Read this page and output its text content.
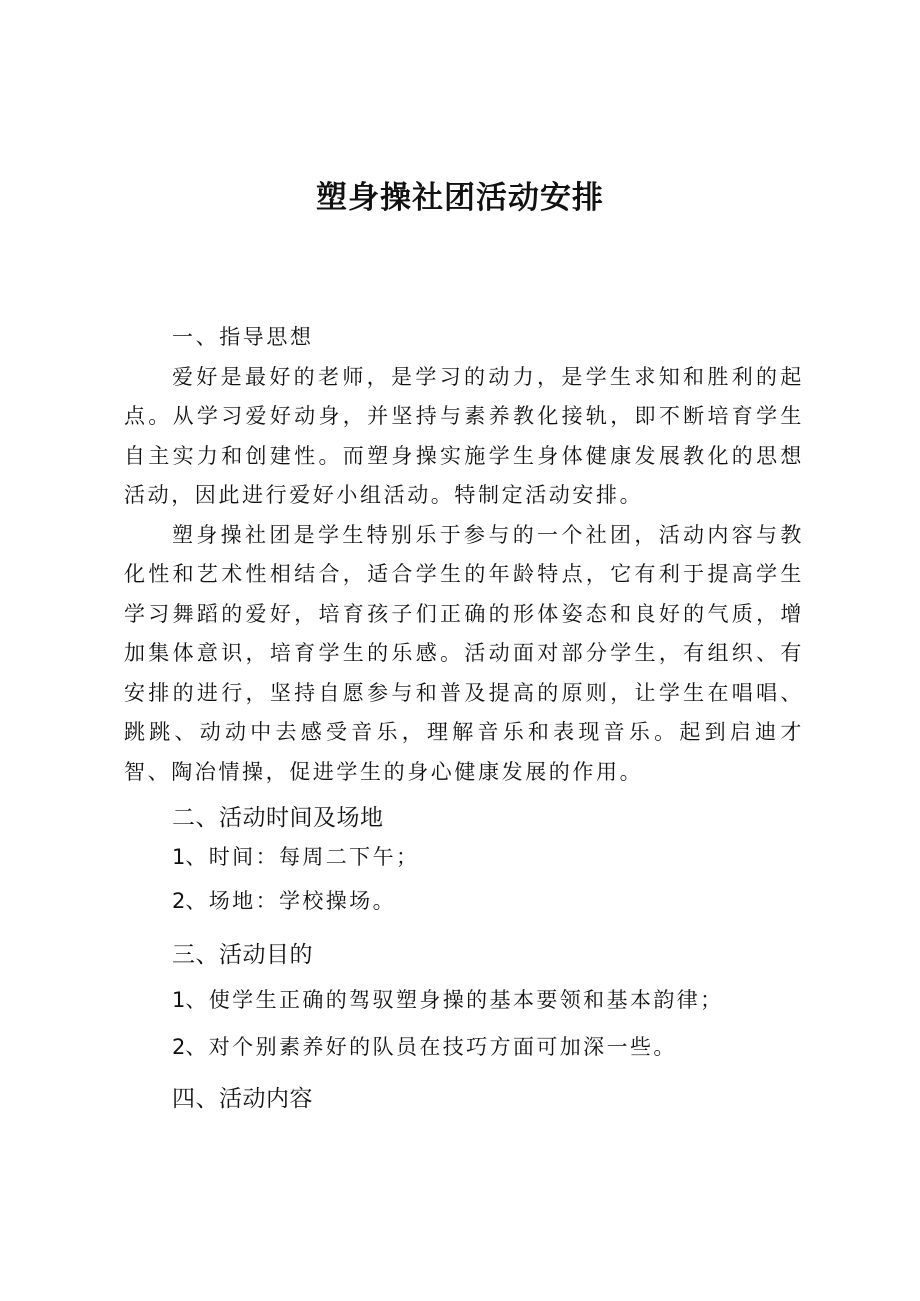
塑身操社团活动安排

一、指导思想

爱好是最好的老师，是学习的动力，是学生求知和胜利的起点。从学习爱好动身，并坚持与素养教化接轨，即不断培育学生自主实力和创建性。而塑身操实施学生身体健康发展教化的思想活动，因此进行爱好小组活动。特制定活动安排。

塑身操社团是学生特别乐于参与的一个社团，活动内容与教化性和艺术性相结合，适合学生的年龄特点，它有利于提高学生学习舞蹈的爱好，培育孩子们正确的形体姿态和良好的气质，增加集体意识，培育学生的乐感。活动面对部分学生，有组织、有安排的进行，坚持自愿参与和普及提高的原则，让学生在唱唱、跳跳、动动中去感受音乐，理解音乐和表现音乐。起到启迪才智、陶冶情操，促进学生的身心健康发展的作用。

二、活动时间及场地
1、时间：每周二下午；
2、场地：学校操场。
三、活动目的
1、使学生正确的驾驭塑身操的基本要领和基本韵律；
2、对个别素养好的队员在技巧方面可加深一些。
四、活动内容
